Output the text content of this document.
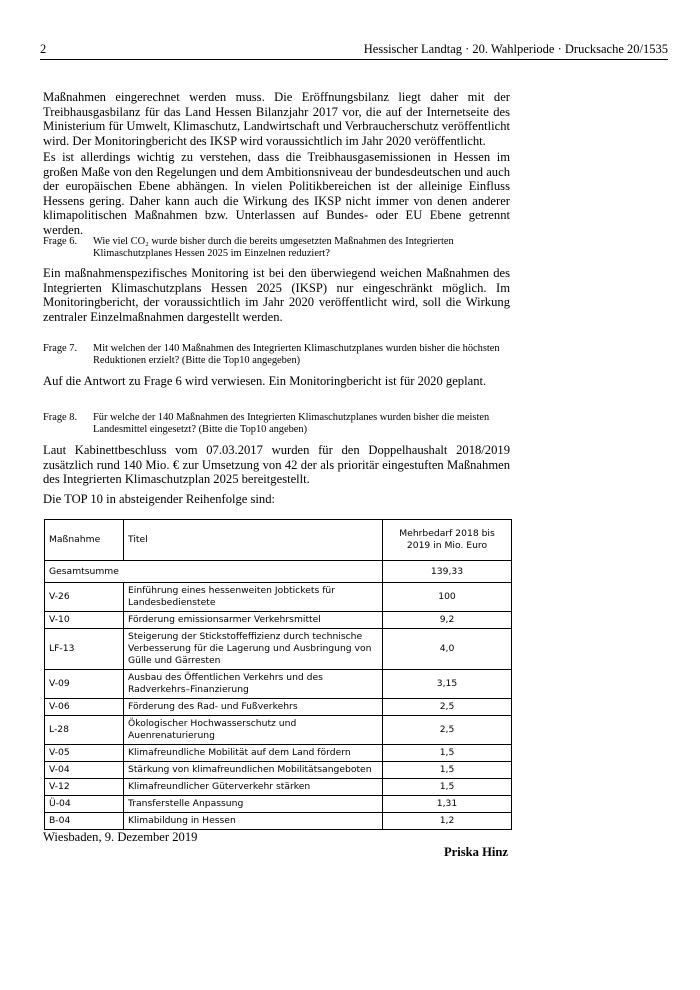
2	Hessischer Landtag · 20. Wahlperiode · Drucksache 20/1535

Maßnahmen eingerechnet werden muss. Die Eröffnungsbilanz liegt daher mit der Treibhausgasbilanz für das Land Hessen Bilanzjahr 2017 vor, die auf der Internetseite des Ministerium für Umwelt, Klimaschutz, Landwirtschaft und Verbraucherschutz veröffentlicht wird. Der Monitoringbericht des IKSP wird voraussichtlich im Jahr 2020 veröffentlicht.

Es ist allerdings wichtig zu verstehen, dass die Treibhausgasemissionen in Hessen im großen Maße von den Regelungen und dem Ambitionsniveau der bundesdeutschen und auch der europäischen Ebene abhängen. In vielen Politikbereichen ist der alleinige Einfluss Hessens gering. Daher kann auch die Wirkung des IKSP nicht immer von denen anderer klimapolitischen Maßnahmen bzw. Unterlassen auf Bundes- oder EU Ebene getrennt werden.

Frage 6. Wie viel CO₂ wurde bisher durch die bereits umgesetzten Maßnahmen des Integrierten Klimaschutzplanes Hessen 2025 im Einzelnen reduziert?

Ein maßnahmenspezifisches Monitoring ist bei den überwiegend weichen Maßnahmen des Integrierten Klimaschutzplans Hessen 2025 (IKSP) nur eingeschränkt möglich. Im Monitoringbericht, der voraussichtlich im Jahr 2020 veröffentlicht wird, soll die Wirkung zentraler Einzelmaßnahmen dargestellt werden.

Frage 7. Mit welchen der 140 Maßnahmen des Integrierten Klimaschutzplanes wurden bisher die höchsten Reduktionen erzielt? (Bitte die Top10 angegeben)

Auf die Antwort zu Frage 6 wird verwiesen. Ein Monitoringbericht ist für 2020 geplant.

Frage 8. Für welche der 140 Maßnahmen des Integrierten Klimaschutzplanes wurden bisher die meisten Landesmittel eingesetzt? (Bitte die Top10 angeben)

Laut Kabinettbeschluss vom 07.03.2017 wurden für den Doppelhaushalt 2018/2019 zusätzlich rund 140 Mio. € zur Umsetzung von 42 der als prioritär eingestuften Maßnahmen des Integrierten Klimaschutzplan 2025 bereitgestellt.

Die TOP 10 in absteigender Reihenfolge sind:

Maßnahme	Titel	Mehrbedarf 2018 bis 2019 in Mio. Euro
Gesamtsumme		139,33
V-26	Einführung eines hessenweiten Jobtickets für Landesbedienstete	100
V-10	Förderung emissionsarmer Verkehrsmittel	9,2
LF-13	Steigerung der Stickstoffeffizienz durch technische Verbesserung für die Lagerung und Ausbringung von Gülle und Gärresten	4,0
V-09	Ausbau des Öffentlichen Verkehrs und des Radverkehrs–Finanzierung	3,15
V-06	Förderung des Rad- und Fußverkehrs	2,5
L-28	Ökologischer Hochwasserschutz und Auenrenaturierung	2,5
V-05	Klimafreundliche Mobilität auf dem Land fördern	1,5
V-04	Stärkung von klimafreundlichen Mobilitätsangeboten	1,5
V-12	Klimafreundlicher Güterverkehr stärken	1,5
Ü-04	Transferstelle Anpassung	1,31
B-04	Klimabildung in Hessen	1,2
Wiesbaden, 9. Dezember 2019
Priska Hinz
